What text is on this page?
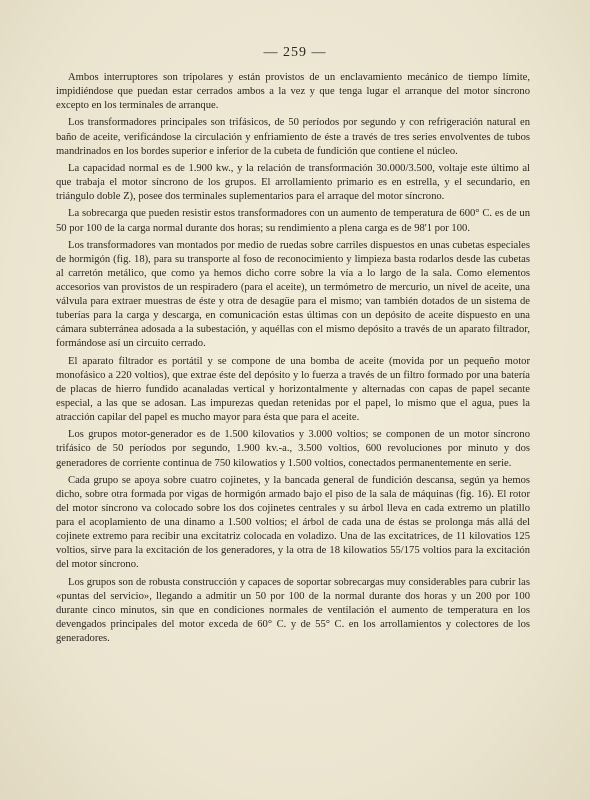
— 259 —

Ambos interruptores son tripolares y están provistos de un enclavamiento mecánico de tiempo límite, impidiéndose que puedan estar cerrados ambos a la vez y que tenga lugar el arranque del motor síncrono excepto en los terminales de arranque.

Los transformadores principales son trifásicos, de 50 períodos por segundo y con refrigeración natural en baño de aceite, verificándose la circulación y enfriamiento de éste a través de tres series envolventes de tubos mandrinados en los bordes superior e inferior de la cubeta de fundición que contiene el núcleo.

La capacidad normal es de 1.900 kw., y la relación de transformación 30.000/3.500, voltaje este último al que trabaja el motor síncrono de los grupos. El arrollamiento primario es en estrella, y el secundario, en triángulo doble Z), posee dos terminales suplementarios para el arraque del motor síncrono.

La sobrecarga que pueden resistir estos transformadores con un aumento de temperatura de 600° C. es de un 50 por 100 de la carga normal durante dos horas; su rendimiento a plena carga es de 98'1 por 100.

Los transformadores van montados por medio de ruedas sobre carriles dispuestos en unas cubetas especiales de hormigón (fig. 18), para su transporte al foso de reconocimiento y limpieza basta rodarlos desde las cubetas al carretón metálico, que como ya hemos dicho corre sobre la vía a lo largo de la sala. Como elementos accesorios van provistos de un respiradero (para el aceite), un termómetro de mercurio, un nivel de aceite, una válvula para extraer muestras de éste y otra de desagüe para el mismo; van también dotados de un sistema de tuberías para la carga y descarga, en comunicación estas últimas con un depósito de aceite dispuesto en una cámara subterránea adosada a la subestación, y aquéllas con el mismo depósito a través de un aparato filtrador, formándose así un circuito cerrado.

El aparato filtrador es portátil y se compone de una bomba de aceite (movida por un pequeño motor monofásico a 220 voltios), que extrae éste del depósito y lo fuerza a través de un filtro formado por una batería de placas de hierro fundido acanaladas vertical y horizontalmente y alternadas con capas de papel secante especial, a las que se adosan. Las impurezas quedan retenidas por el papel, lo mismo que el agua, pues la atracción capilar del papel es mucho mayor para ésta que para el aceite.

Los grupos motor-generador es de 1.500 kilovatios y 3.000 voltios; se componen de un motor síncrono trifásico de 50 períodos por segundo, 1.900 kv.-a., 3.500 voltios, 600 revoluciones por minuto y dos generadores de corriente continua de 750 kilowatios y 1.500 voltios, conectados permanentemente en serie.

Cada grupo se apoya sobre cuatro cojinetes, y la bancada general de fundición descansa, según ya hemos dicho, sobre otra formada por vigas de hormigón armado bajo el piso de la sala de máquinas (fig. 16). El rotor del motor síncrono va colocado sobre los dos cojinetes centrales y su árbol lleva en cada extremo un platillo para el acoplamiento de una dinamo a 1.500 voltios; el árbol de cada una de éstas se prolonga más allá del cojinete extremo para recibir una excitatriz colocada en voladizo. Una de las excitatrices, de 11 kilovatios 125 voltios, sirve para la excitación de los generadores, y la otra de 18 kilowatios 55/175 voltios para la excitación del motor síncrono.

Los grupos son de robusta construcción y capaces de soportar sobrecargas muy considerables para cubrir las «puntas del servicio», llegando a admitir un 50 por 100 de la normal durante dos horas y un 200 por 100 durante cinco minutos, sin que en condiciones normales de ventilación el aumento de temperatura en los devengados principales del motor exceda de 60° C. y de 55° C. en los arrollamientos y colectores de los generadores.
